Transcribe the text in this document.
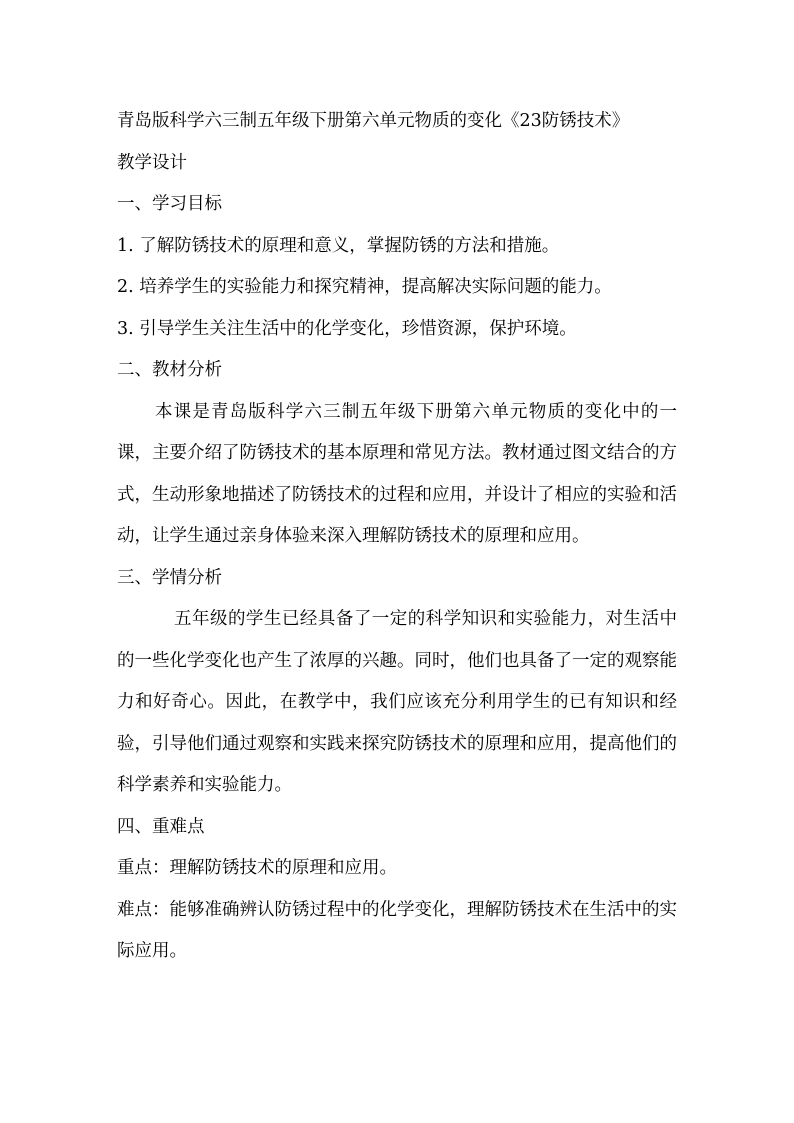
青岛版科学六三制五年级下册第六单元物质的变化《23防锈技术》
教学设计
一、学习目标
1. 了解防锈技术的原理和意义，掌握防锈的方法和措施。
2. 培养学生的实验能力和探究精神，提高解决实际问题的能力。
3. 引导学生关注生活中的化学变化，珍惜资源，保护环境。
二、教材分析
本课是青岛版科学六三制五年级下册第六单元物质的变化中的一课，主要介绍了防锈技术的基本原理和常见方法。教材通过图文结合的方式，生动形象地描述了防锈技术的过程和应用，并设计了相应的实验和活动，让学生通过亲身体验来深入理解防锈技术的原理和应用。
三、学情分析
五年级的学生已经具备了一定的科学知识和实验能力，对生活中的一些化学变化也产生了浓厚的兴趣。同时，他们也具备了一定的观察能力和好奇心。因此，在教学中，我们应该充分利用学生的已有知识和经验，引导他们通过观察和实践来探究防锈技术的原理和应用，提高他们的科学素养和实验能力。
四、重难点
重点：理解防锈技术的原理和应用。
难点：能够准确辨认防锈过程中的化学变化，理解防锈技术在生活中的实际应用。
